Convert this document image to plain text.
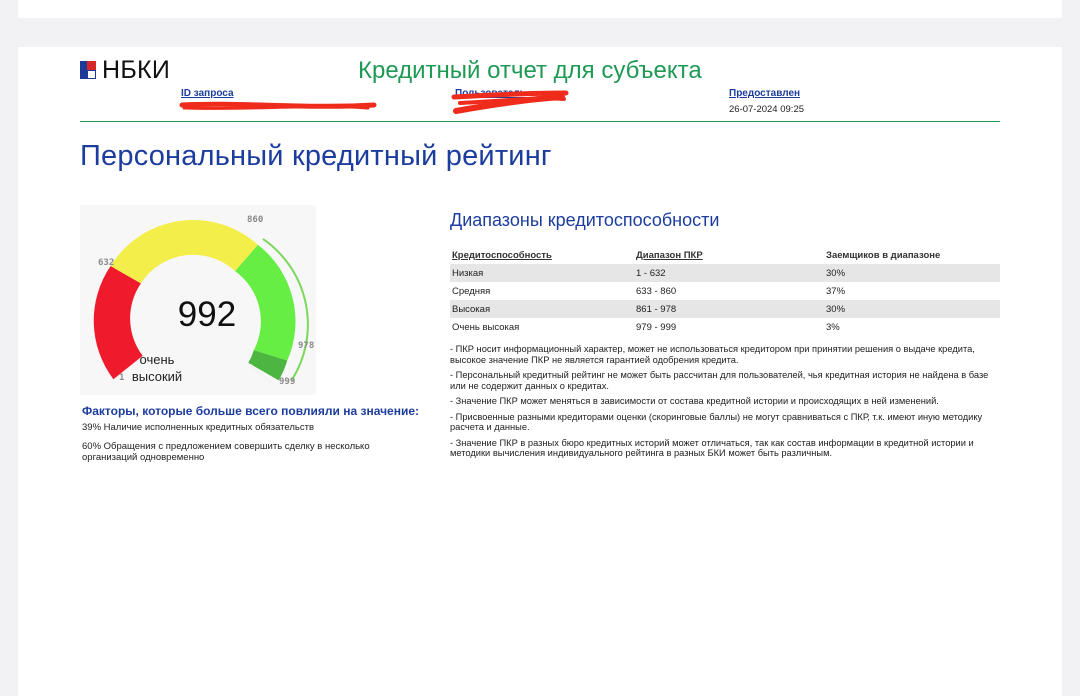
НБКИ	Кредитный отчет для субъекта
ID запроса	Пользователь	Предоставлен
26-07-2024 09:25
Персональный кредитный рейтинг
1
632
860
978
999
992
очень
высокий
Факторы, которые больше всего повлияли на значение:
39% Наличие исполненных кредитных обязательств
60% Обращения с предложением совершить сделку в несколько организаций одновременно
Диапазоны кредитоспособности
Кредитоспособность	Диапазон ПКР	Заемщиков в диапазоне
Низкая	1 - 632	30%
Средняя	633 - 860	37%
Высокая	861 - 978	30%
Очень высокая	979 - 999	3%

- ПКР носит информационный характер, может не использоваться кредитором при принятии решения о выдаче кредита, высокое значение ПКР не является гарантией одобрения кредита.

- Персональный кредитный рейтинг не может быть рассчитан для пользователей, чья кредитная история не найдена в базе или не содержит данных о кредитах.

- Значение ПКР может меняться в зависимости от состава кредитной истории и происходящих в ней изменений.

- Присвоенные разными кредиторами оценки (скоринговые баллы) не могут сравниваться с ПКР, т.к. имеют иную методику расчета и данные.

- Значение ПКР в разных бюро кредитных историй может отличаться, так как состав информации в кредитной истории и методики вычисления индивидуального рейтинга в разных БКИ может быть различным.
